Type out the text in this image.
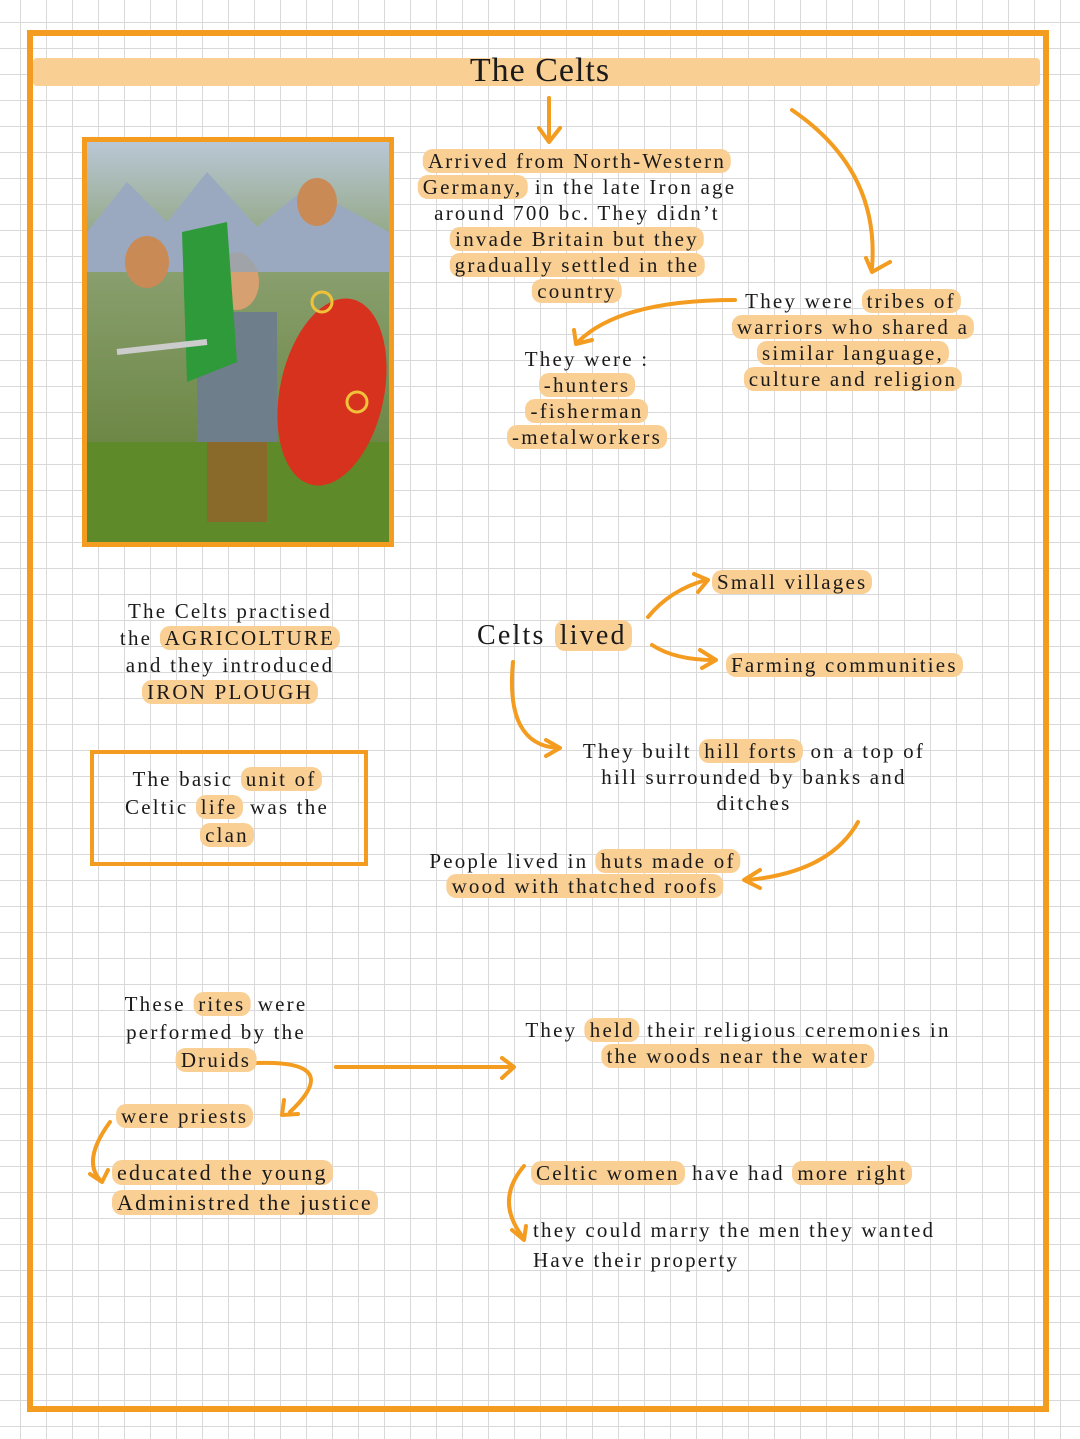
The Celts
Arrived from North-Western
Germany, in the late Iron age
around 700 bc. They didn’t
invade Britain but they
gradually settled in the
country	They were tribes of
warriors who shared a
similar language,
culture and religion
They were :
-hunters
-fisherman
-metalworkers
The Celts practised
the AGRICOLTURE
and they introduced
IRON PLOUGH
Celts lived
Small villages
Farming communities
They built hill forts on a top of
hill surrounded by banks and
ditches
People lived in huts made of
wood with thatched roofs
The basic unit of
Celtic life was the
clan
These rites were
performed by the
Druids
were priests
educated the young
Administred the justice
They held their religious ceremonies in
the woods near the water
Celtic women have had more right
they could marry the men they wanted
Have their property
